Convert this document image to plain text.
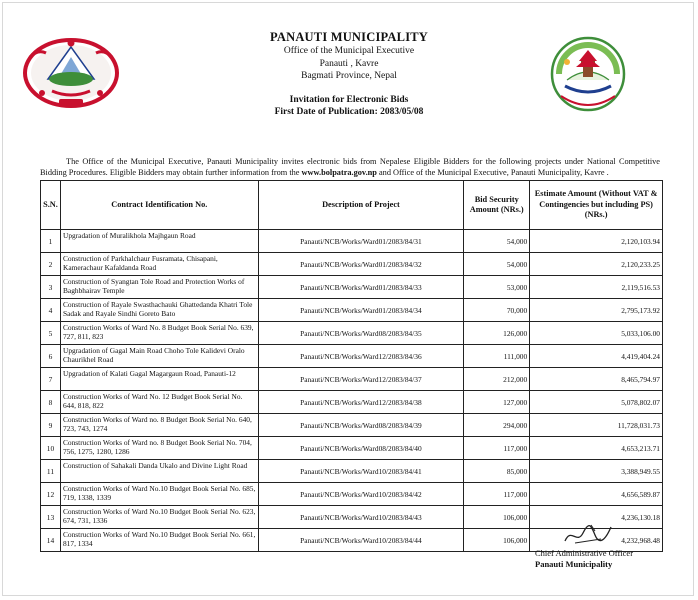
PANAUTI MUNICIPALITY
Office of the Municipal Executive
Panauti , Kavre
Bagmati Province, Nepal
Invitation for Electronic Bids
First Date of Publication: 2083/05/08
The Office of the Municipal Executive, Panauti Municipality invites electronic bids from Nepalese Eligible Bidders for the following projects under National Competitive Bidding Procedures. Eligible Bidders may obtain further information from the www.bolpatra.gov.np and Office of the Municipal Executive, Panauti Municipality, Kavre .
S.N.	Contract Identification No.	Description of Project	Bid Security Amount (NRs.)	Estimate Amount (Without VAT & Contingencies but including PS) (NRs.)
1	Upgradation of Muralikhola Majhgaun Road	Panauti/NCB/Works/Ward01/2083/84/31	54,000	2,120,103.94
2	Construction of Parkhalchaur Fusramata, Chisapani, Kamerachaur Kafaldanda Road	Panauti/NCB/Works/Ward01/2083/84/32	54,000	2,120,233.25
3	Construction of Syangtan Tole Road and Protection Works of Baghbhairav Temple	Panauti/NCB/Works/Ward01/2083/84/33	53,000	2,119,516.53
4	Construction of Rayale Swasthachauki Ghattedanda Khatri Tole Sadak and Rayale Sindhi Goreto Bato	Panauti/NCB/Works/Ward01/2083/84/34	70,000	2,795,173.92
5	Construction Works of Ward No. 8 Budget Book Serial No. 639, 727, 811, 823	Panauti/NCB/Works/Ward08/2083/84/35	126,000	5,033,106.00
6	Upgradation of Gagal Main Road Choho Tole Kalidevi Oralo Chaurikhel Road	Panauti/NCB/Works/Ward12/2083/84/36	111,000	4,419,404.24
7	Upgradation of Kalati Gagal Magargaun Road, Panauti-12	Panauti/NCB/Works/Ward12/2083/84/37	212,000	8,465,794.97
8	Construction Works of Ward No. 12 Budget Book Serial No. 644, 818, 822	Panauti/NCB/Works/Ward12/2083/84/38	127,000	5,078,802.07
9	Construction Works of Ward no. 8 Budget Book Serial No. 640, 723, 743, 1274	Panauti/NCB/Works/Ward08/2083/84/39	294,000	11,728,031.73
10	Construction Works of Ward no. 8 Budget Book Serial No. 704, 756, 1275, 1280, 1286	Panauti/NCB/Works/Ward08/2083/84/40	117,000	4,653,213.71
11	Construction of Sahakali Danda Ukalo and Divine Light Road	Panauti/NCB/Works/Ward10/2083/84/41	85,000	3,388,949.55
12	Construction Works of Ward No.10 Budget Book Serial No. 685, 719, 1338, 1339	Panauti/NCB/Works/Ward10/2083/84/42	117,000	4,656,589.87
13	Construction Works of Ward No.10 Budget Book Serial No. 623, 674, 731, 1336	Panauti/NCB/Works/Ward10/2083/84/43	106,000	4,236,130.18
14	Construction Works of Ward No.10 Budget Book Serial No. 661, 817, 1334	Panauti/NCB/Works/Ward10/2083/84/44	106,000	4,232,968.48
Chief Administrative Officer
Panauti Municipality
